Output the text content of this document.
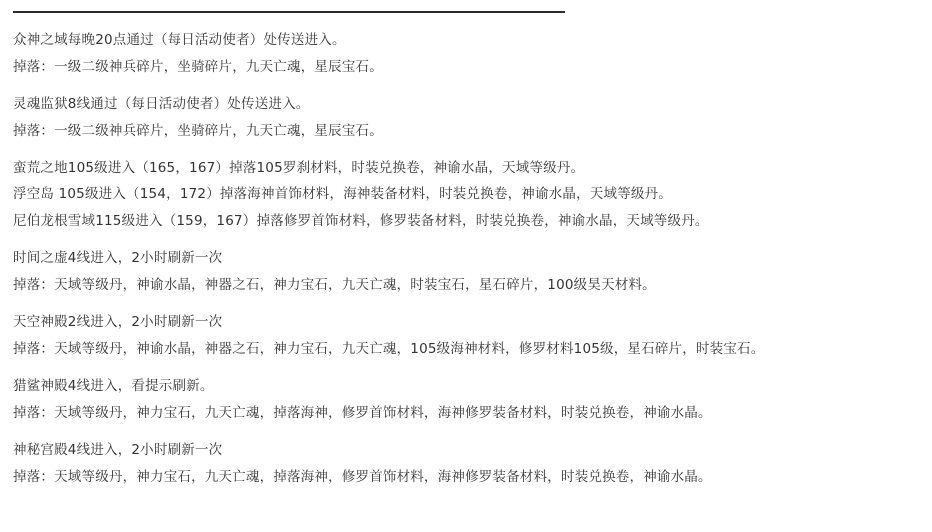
众神之域每晚20点通过（每日活动使者）处传送进入。
掉落：一级二级神兵碎片，坐骑碎片，九天亡魂，星辰宝石。
灵魂监狱8线通过（每日活动使者）处传送进入。
掉落：一级二级神兵碎片，坐骑碎片，九天亡魂，星辰宝石。
蛮荒之地105级进入（165，167）掉落105罗刹材料，时装兑换卷，神谕水晶，天域等级丹。
浮空岛 105级进入（154，172）掉落海神首饰材料，海神装备材料，时装兑换卷，神谕水晶，天域等级丹。
尼伯龙根雪域115级进入（159，167）掉落修罗首饰材料，修罗装备材料，时装兑换卷，神谕水晶，天域等级丹。
时间之虚4线进入，2小时刷新一次
掉落：天域等级丹，神谕水晶，神器之石，神力宝石，九天亡魂，时装宝石，星石碎片，100级昊天材料。
天空神殿2线进入，2小时刷新一次
掉落：天域等级丹，神谕水晶，神器之石，神力宝石，九天亡魂，105级海神材料，修罗材料105级，星石碎片，时装宝石。
猎鲨神殿4线进入，看提示刷新。
掉落：天域等级丹，神力宝石，九天亡魂，掉落海神，修罗首饰材料，海神修罗装备材料，时装兑换卷，神谕水晶。
神秘宫殿4线进入，2小时刷新一次
掉落：天域等级丹，神力宝石，九天亡魂，掉落海神，修罗首饰材料，海神修罗装备材料，时装兑换卷，神谕水晶。
